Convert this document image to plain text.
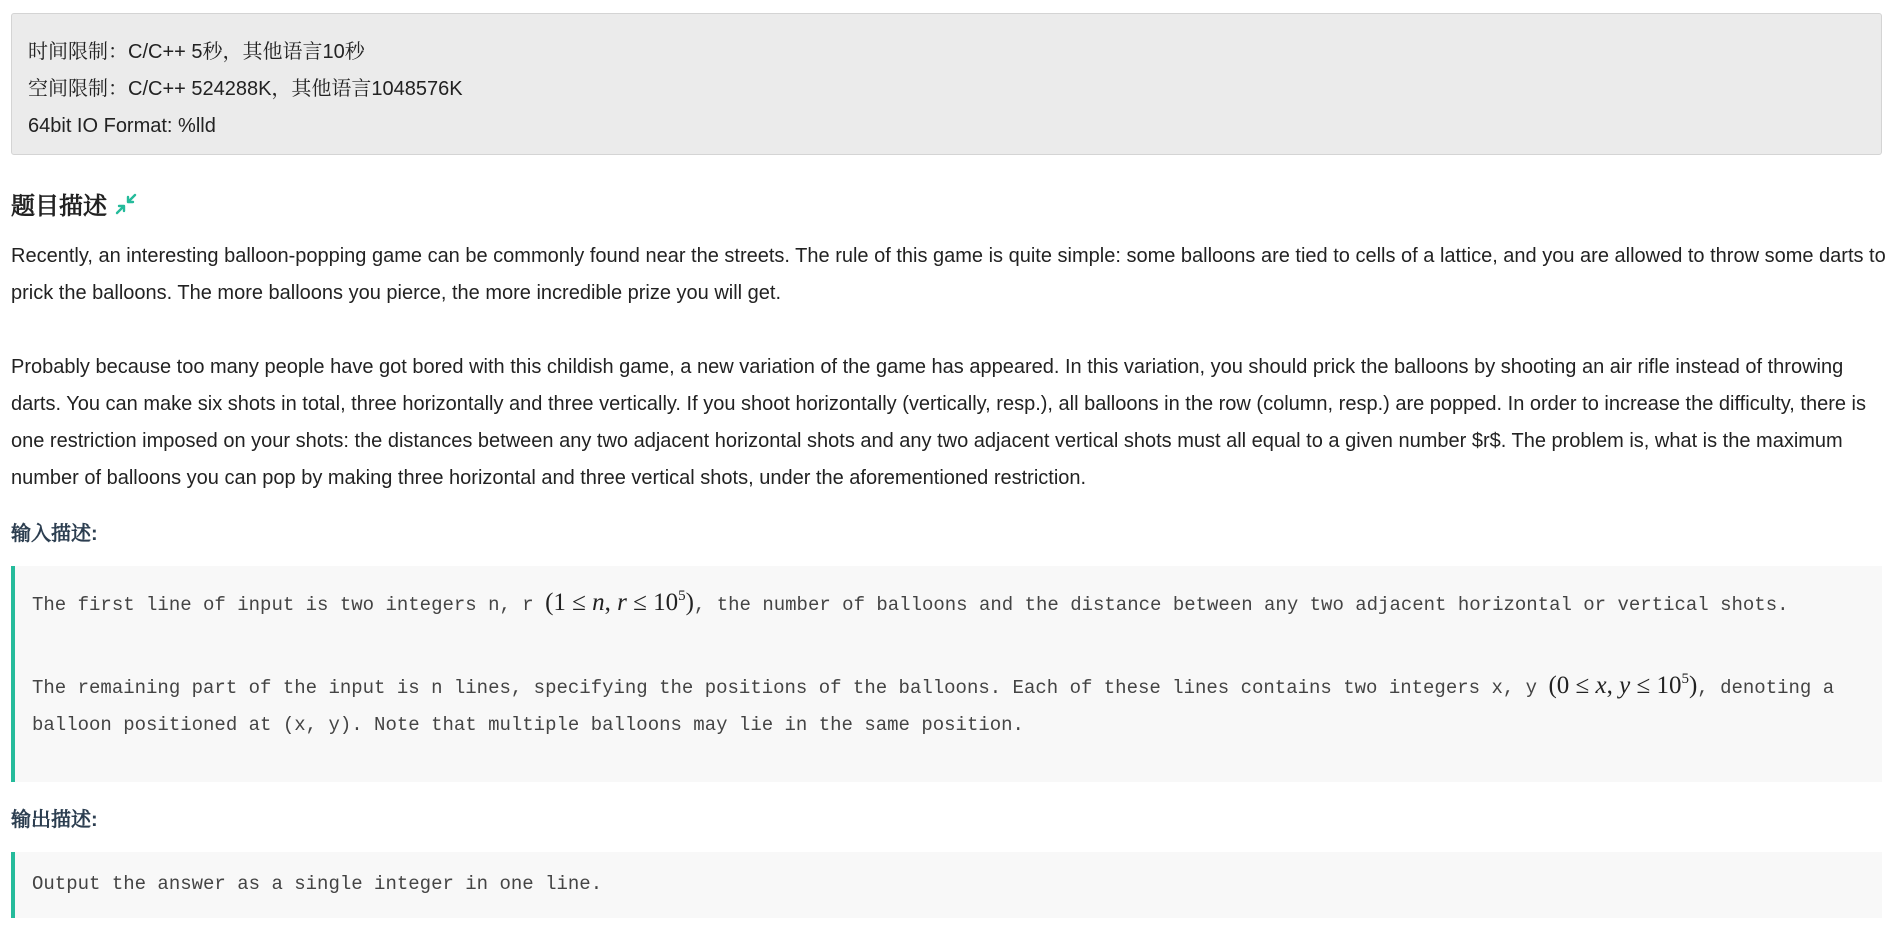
时间限制：C/C++ 5秒，其他语言10秒
空间限制：C/C++ 524288K，其他语言1048576K
64bit IO Format: %lld
题目描述

Recently, an interesting balloon-popping game can be commonly found near the streets. The rule of this game is quite simple: some balloons are tied to cells of a lattice, and you are allowed to throw some darts to prick the balloons. The more balloons you pierce, the more incredible prize you will get.

Probably because too many people have got bored with this childish game, a new variation of the game has appeared. In this variation, you should prick the balloons by shooting an air rifle instead of throwing darts. You can make six shots in total, three horizontally and three vertically. If you shoot horizontally (vertically, resp.), all balloons in the row (column, resp.) are popped. In order to increase the difficulty, there is one restriction imposed on your shots: the distances between any two adjacent horizontal shots and any two adjacent vertical shots must all equal to a given number $r$. The problem is, what is the maximum number of balloons you can pop by making three horizontal and three vertical shots, under the aforementioned restriction.

输入描述:

The first line of input is two integers n, r (1 ≤ n, $r \le 10^5$), the number of balloons and the distance between any two adjacent horizontal or vertical shots.

The remaining part of the input is n lines, specifying the positions of the balloons. Each of these lines contains two integers x, y (0 ≤ x, $y \le 10^5$), denoting a balloon positioned at (x, y). Note that multiple balloons may lie in the same position.

输出描述:

Output the answer as a single integer in one line.
